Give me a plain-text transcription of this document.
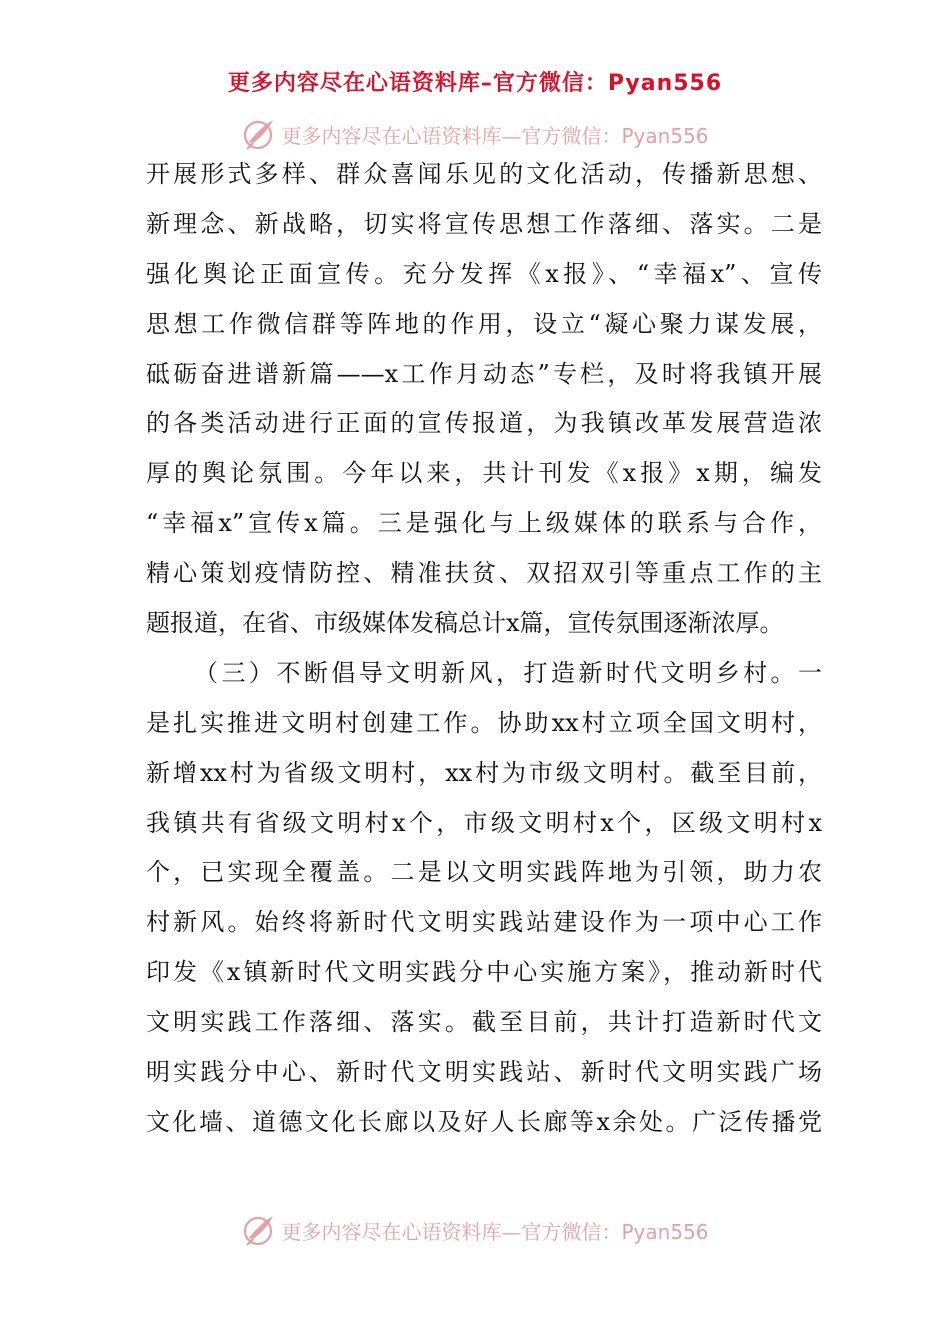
更多内容尽在心语资料库–官方微信：Pyan556
更多内容尽在心语资料库—官方微信：Pyan556
开展形式多样、群众喜闻乐见的文化活动，传播新思想、
新理念、新战略，切实将宣传思想工作落细、落实。二是
强化舆论正面宣传。充分发挥《x报》、“幸福x”、宣传
思想工作微信群等阵地的作用，设立“凝心聚力谋发展，
砥砺奋进谱新篇——x工作月动态”专栏，及时将我镇开展
的各类活动进行正面的宣传报道，为我镇改革发展营造浓
厚的舆论氛围。今年以来，共计刊发《x报》x期，编发
“幸福x”宣传x篇。三是强化与上级媒体的联系与合作，
精心策划疫情防控、精准扶贫、双招双引等重点工作的主
题报道，在省、市级媒体发稿总计x篇，宣传氛围逐渐浓厚。
（三）不断倡导文明新风，打造新时代文明乡村。一
是扎实推进文明村创建工作。协助xx村立项全国文明村，
新增xx村为省级文明村，xx村为市级文明村。截至目前，
我镇共有省级文明村x个，市级文明村x个，区级文明村x
个，已实现全覆盖。二是以文明实践阵地为引领，助力农
村新风。始终将新时代文明实践站建设作为一项中心工作
印发《x镇新时代文明实践分中心实施方案》，推动新时代
文明实践工作落细、落实。截至目前，共计打造新时代文
明实践分中心、新时代文明实践站、新时代文明实践广场
文化墙、道德文化长廊以及好人长廊等x余处。广泛传播党
更多内容尽在心语资料库—官方微信：Pyan556
